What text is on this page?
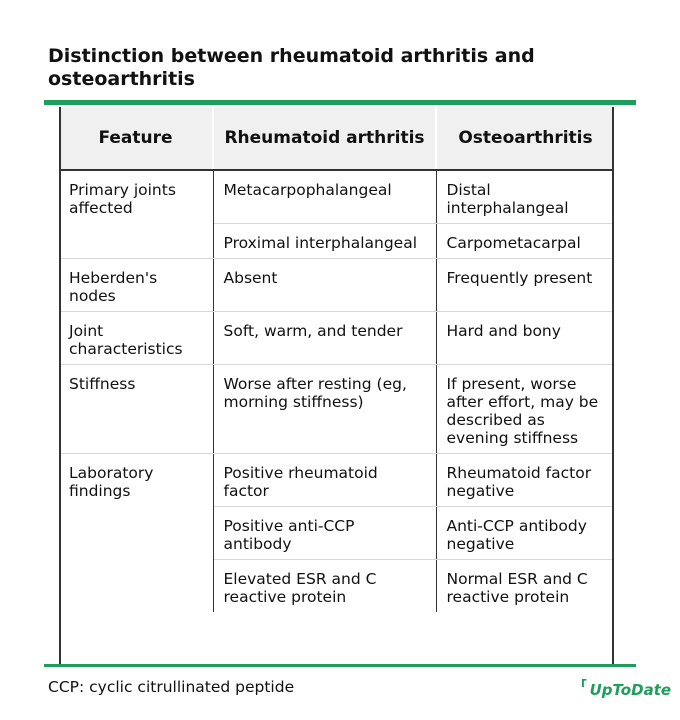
Distinction between rheumatoid arthritis and osteoarthritis
Feature	Rheumatoid arthritis	Osteoarthritis
Primary joints affected	Metacarpophalangeal	Distal interphalangeal
	Proximal interphalangeal	Carpometacarpal
Heberden's nodes	Absent	Frequently present
Joint characteristics	Soft, warm, and tender	Hard and bony
Stiffness	Worse after resting (eg, morning stiffness)	If present, worse after effort, may be described as evening stiffness
Laboratory findings	Positive rheumatoid factor	Rheumatoid factor negative
	Positive anti-CCP antibody	Anti-CCP antibody negative
	Elevated ESR and C reactive protein	Normal ESR and C reactive protein
CCP: cyclic citrullinated peptide	⸢ UpToDate
